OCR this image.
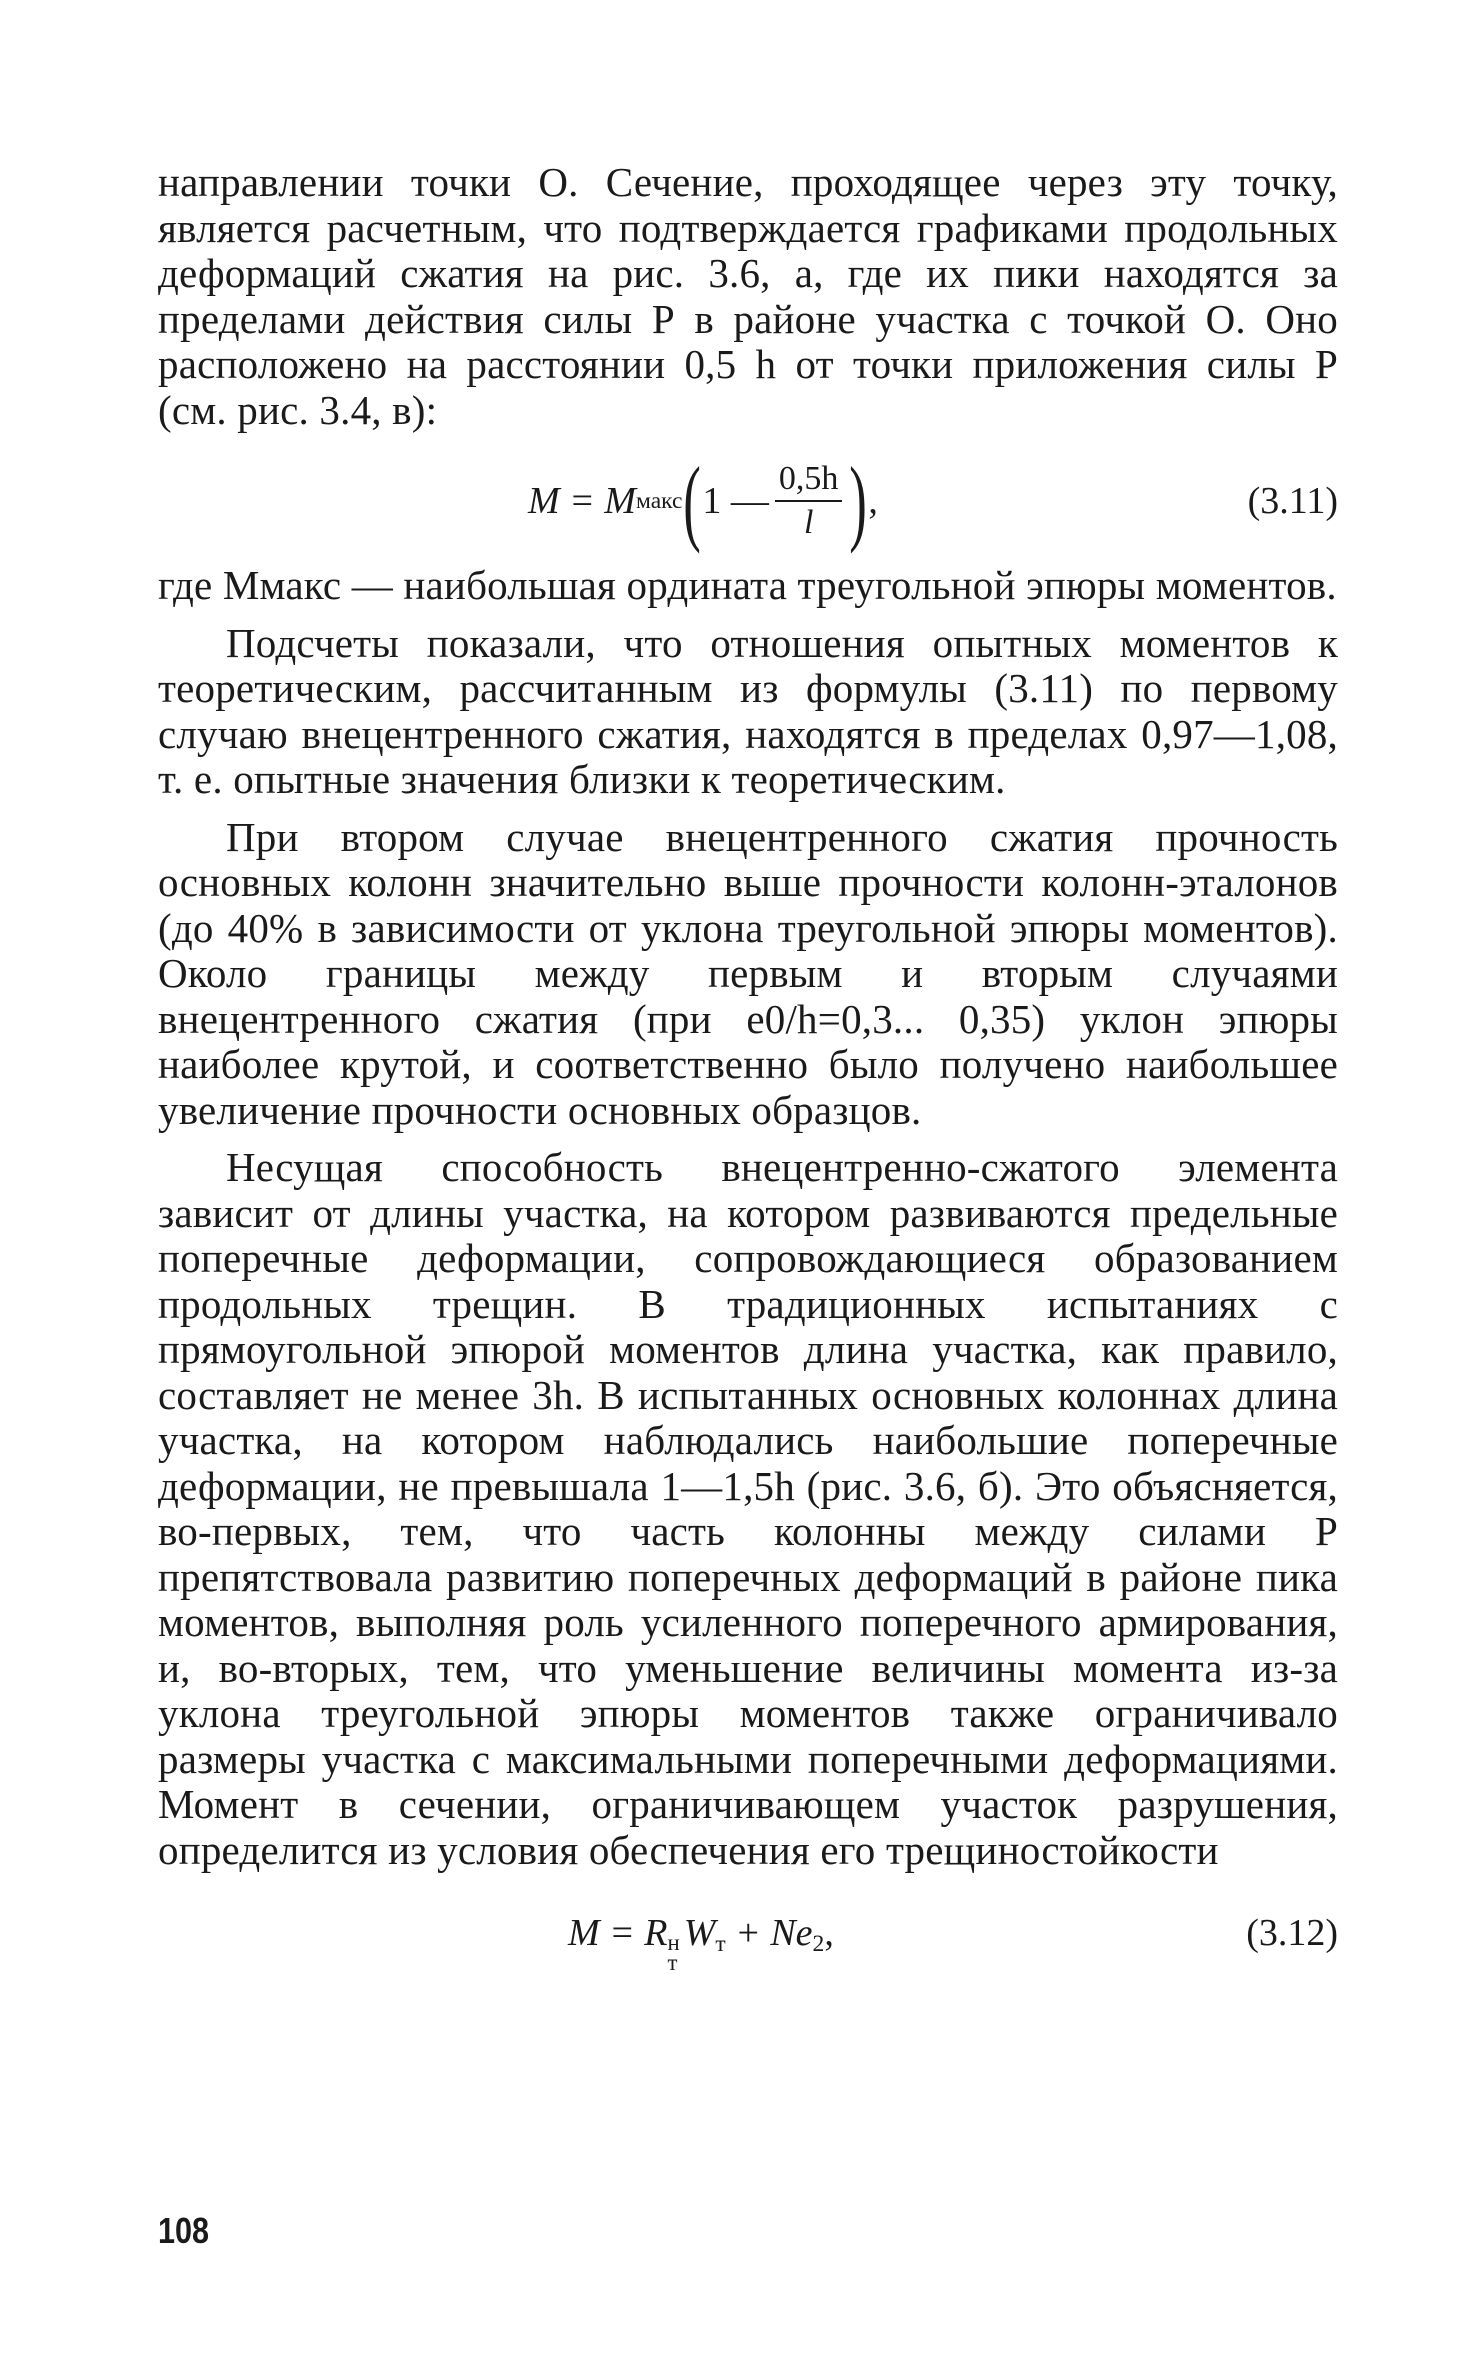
направлении точки О. Сечение, проходящее через эту точку, является расчетным, что подтверждается графиками продольных деформаций сжатия на рис. 3.6, а, где их пики находятся за пределами действия силы Р в районе участка с точкой О. Оно расположено на расстоянии 0,5 h от точки приложения силы Р (см. рис. 3.4, в):

M = M макс ( 1 — $\frac{0,5h}{l}$ ) ,	(3.11)

где Mмакс — наибольшая ордината треугольной эпюры моментов.

Подсчеты показали, что отношения опытных моментов к теоретическим, рассчитанным из формулы (3.11) по первому случаю внецентренного сжатия, находятся в пределах 0,97—1,08, т. е. опытные значения близки к теоретическим.

При втором случае внецентренного сжатия прочность основных колонн значительно выше прочности колонн-эталонов (до 40% в зависимости от уклона треугольной эпюры моментов). Около границы между первым и вторым случаями внецентренного сжатия (при e0/h=0,3... 0,35) уклон эпюры наиболее крутой, и соответственно было получено наибольшее увеличение прочности основных образцов.

Несущая способность внецентренно-сжатого элемента зависит от длины участка, на котором развиваются предельные поперечные деформации, сопровождающиеся образованием продольных трещин. В традиционных испытаниях с прямоугольной эпюрой моментов длина участка, как правило, составляет не менее 3h. В испытанных основных колоннах длина участка, на котором наблюдались наибольшие поперечные деформации, не превышала 1—1,5h (рис. 3.6, б). Это объясняется, во-первых, тем, что часть колонны между силами Р препятствовала развитию поперечных деформаций в районе пика моментов, выполняя роль усиленного поперечного армирования, и, во-вторых, тем, что уменьшение величины момента из-за уклона треугольной эпюры моментов также ограничивало размеры участка с максимальными поперечными деформациями. Момент в сечении, ограничивающем участок разрушения, определится из условия обеспечения его трещиностойкости

M = R н
т
$W_т + Ne_2$,	(3.12)
108
